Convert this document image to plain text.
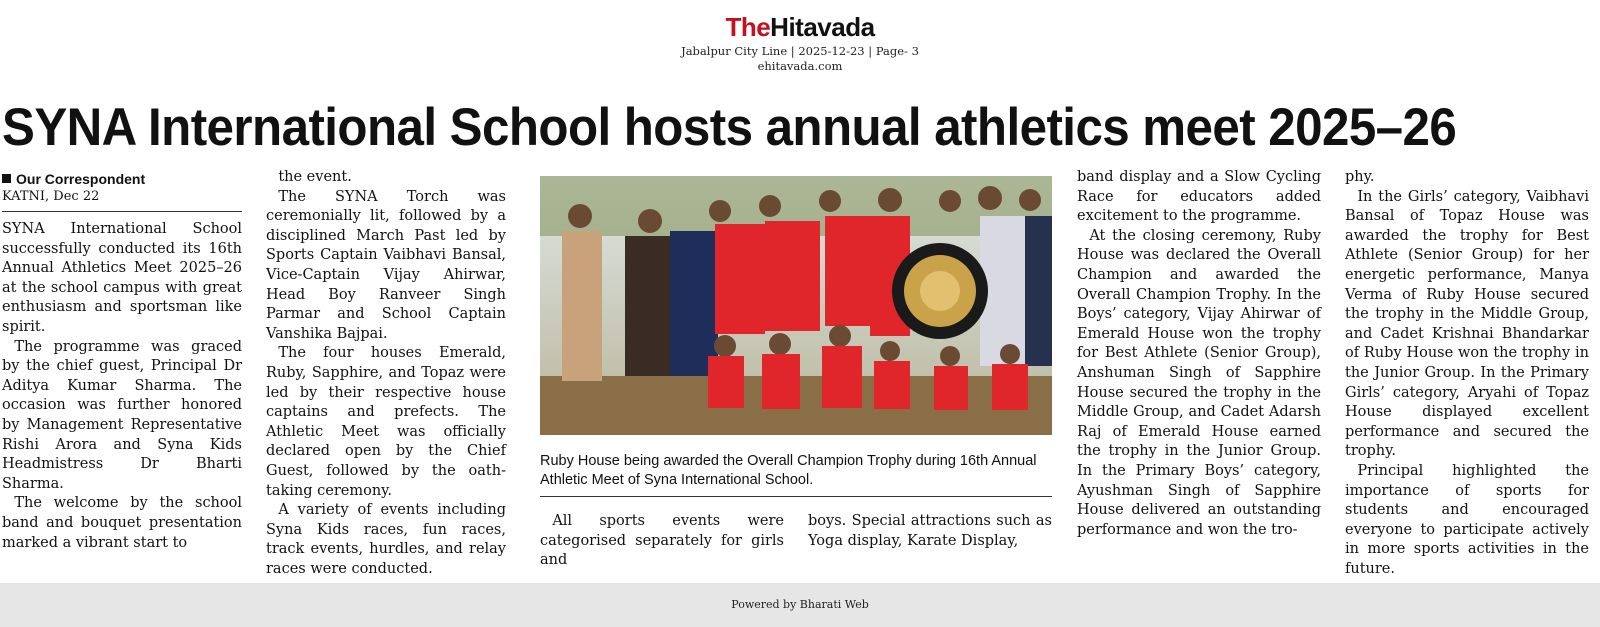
TheHitavada
Jabalpur City Line | 2025-12-23 | Page- 3
ehitavada.com
SYNA International School hosts annual athletics meet 2025–26
Our Correspondent
KATNI, Dec 22

SYNA International School successfully conducted its 16th Annual Athletics Meet 2025–26 at the school campus with great enthusiasm and sportsman like spirit.

The programme was graced by the chief guest, Principal Dr Aditya Kumar Sharma. The occasion was further honored by Management Representative Rishi Arora and Syna Kids Headmistress Dr Bharti Sharma.

The welcome by the school band and bouquet presentation marked a vibrant start to

the event.

The SYNA Torch was ceremonially lit, followed by a disciplined March Past led by Sports Captain Vaibhavi Bansal, Vice-Captain Vijay Ahirwar, Head Boy Ranveer Singh Parmar and School Captain Vanshika Bajpai.

The four houses Emerald, Ruby, Sapphire, and Topaz were led by their respective house captains and prefects. The Athletic Meet was officially declared open by the Chief Guest, followed by the oath-taking ceremony.

A variety of events including Syna Kids races, fun races, track events, hurdles, and relay races were conducted.

Ruby House being awarded the Overall Champion Trophy during 16th Annual Athletic Meet of Syna International School.

All sports events were categorised separately for girls and

boys. Special attractions such as Yoga display, Karate Display,

band display and a Slow Cycling Race for educators added excitement to the programme.

At the closing ceremony, Ruby House was declared the Overall Champion and awarded the Overall Champion Trophy. In the Boys’ category, Vijay Ahirwar of Emerald House won the trophy for Best Athlete (Senior Group), Anshuman Singh of Sapphire House secured the trophy in the Middle Group, and Cadet Adarsh Raj of Emerald House earned the trophy in the Junior Group. In the Primary Boys’ category, Ayushman Singh of Sapphire House delivered an outstanding performance and won the tro-

phy.

In the Girls’ category, Vaibhavi Bansal of Topaz House was awarded the trophy for Best Athlete (Senior Group) for her energetic performance, Manya Verma of Ruby House secured the trophy in the Middle Group, and Cadet Krishnai Bhandarkar of Ruby House won the trophy in the Junior Group. In the Primary Girls’ category, Aryahi of Topaz House displayed excellent performance and secured the trophy.

Principal highlighted the importance of sports for students and encouraged everyone to participate actively in more sports activities in the future.

Powered by Bharati Web
